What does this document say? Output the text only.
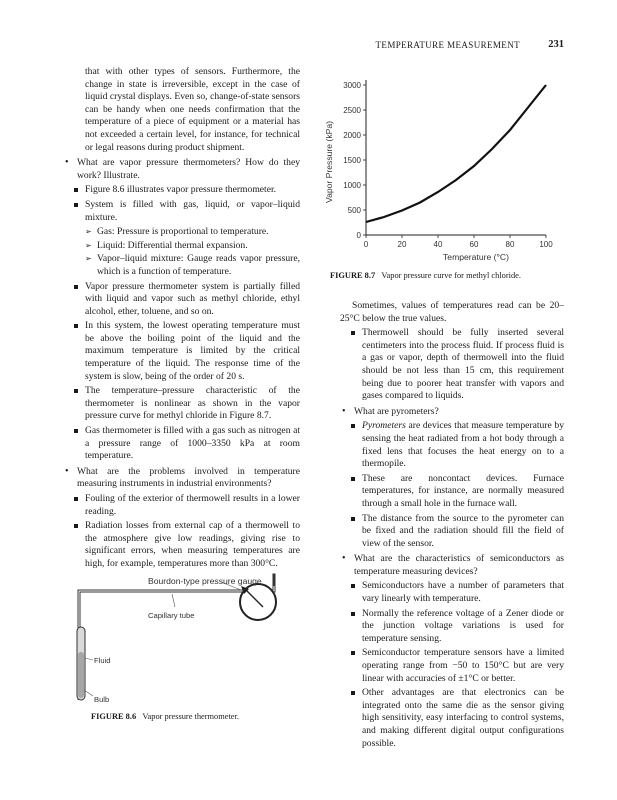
TEMPERATURE MEASUREMENT	231

that with other types of sensors. Furthermore, the change in state is irreversible, except in the case of liquid crystal displays. Even so, change-of-state sensors can be handy when one needs confirmation that the temperature of a piece of equipment or a material has not exceeded a certain level, for instance, for technical or legal reasons during product shipment.

• What are vapor pressure thermometers? How do they work? Illustrate.
Figure 8.6 illustrates vapor pressure thermometer.
System is filled with gas, liquid, or vapor–liquid mixture.
➢ Gas: Pressure is proportional to temperature.
➢ Liquid: Differential thermal expansion.
➢ Vapor–liquid mixture: Gauge reads vapor pressure, which is a function of temperature.
Vapor pressure thermometer system is partially filled with liquid and vapor such as methyl chloride, ethyl alcohol, ether, toluene, and so on.
In this system, the lowest operating temperature must be above the boiling point of the liquid and the maximum temperature is limited by the critical temperature of the liquid. The response time of the system is slow, being of the order of 20 s.
The temperature–pressure characteristic of the thermometer is nonlinear as shown in the vapor pressure curve for methyl chloride in Figure 8.7.
Gas thermometer is filled with a gas such as nitrogen at a pressure range of 1000–3350 kPa at room temperature.
• What are the problems involved in temperature measuring instruments in industrial environments?
Fouling of the exterior of thermowell results in a lower reading.
Radiation losses from external cap of a thermowell to the atmosphere give low readings, giving rise to significant errors, when measuring temperatures are high, for example, temperatures more than 300°C.
Bourdon-type pressure gauge
Capillary tube
Fluid
Bulb
FIGURE 8.6 Vapor pressure thermometer.
0
500
1000
1500
2000
2500
3000
0	20	40	60	80	100
Vapor Pressure (kPa)
Temperature (°C)
FIGURE 8.7 Vapor pressure curve for methyl chloride.

Sometimes, values of temperatures read can be 20–25°C below the true values.

Thermowell should be fully inserted several centimeters into the process fluid. If process fluid is a gas or vapor, depth of thermowell into the fluid should be not less than 15 cm, this requirement being due to poorer heat transfer with vapors and gases compared to liquids.
• What are pyrometers?
Pyrometers are devices that measure temperature by sensing the heat radiated from a hot body through a fixed lens that focuses the heat energy on to a thermopile.
These are noncontact devices. Furnace temperatures, for instance, are normally measured through a small hole in the furnace wall.
The distance from the source to the pyrometer can be fixed and the radiation should fill the field of view of the sensor.
• What are the characteristics of semiconductors as temperature measuring devices?
Semiconductors have a number of parameters that vary linearly with temperature.
Normally the reference voltage of a Zener diode or the junction voltage variations is used for temperature sensing.
Semiconductor temperature sensors have a limited operating range from −50 to 150°C but are very linear with accuracies of ±1°C or better.
Other advantages are that electronics can be integrated onto the same die as the sensor giving high sensitivity, easy interfacing to control systems, and making different digital output configurations possible.
